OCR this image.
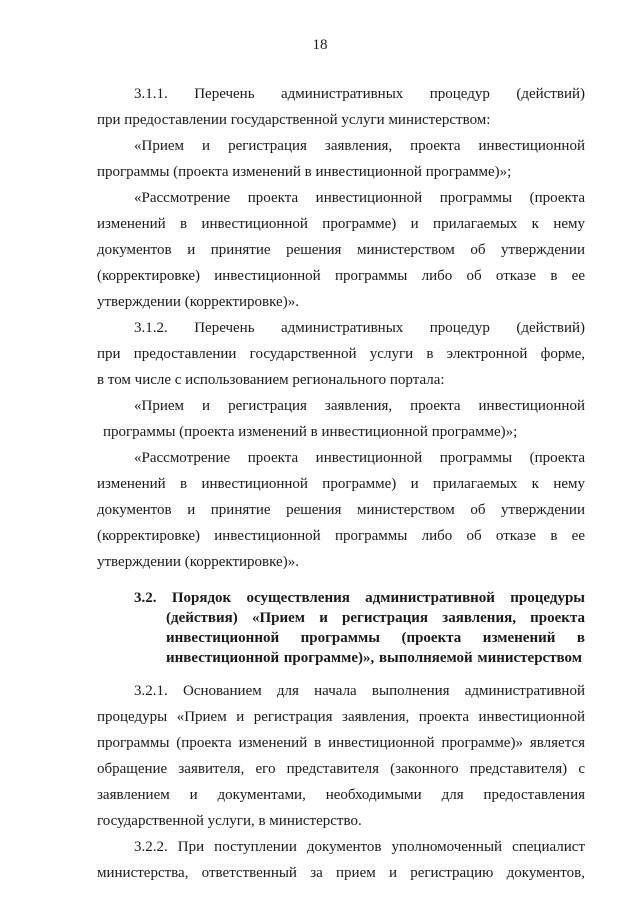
18
3.1.1. Перечень административных процедур (действий)
при предоставлении государственной услуги министерством:
«Прием и регистрация заявления, проекта инвестиционной
программы (проекта изменений в инвестиционной программе)»;
«Рассмотрение проекта инвестиционной программы (проекта
изменений в инвестиционной программе) и прилагаемых к нему
документов и принятие решения министерством об утверждении
(корректировке) инвестиционной программы либо об отказе в ее
утверждении (корректировке)».
3.1.2. Перечень административных процедур (действий)
при предоставлении государственной услуги в электронной форме,
в том числе с использованием регионального портала:
«Прием и регистрация заявления, проекта инвестиционной
программы (проекта изменений в инвестиционной программе)»;
«Рассмотрение проекта инвестиционной программы (проекта
изменений в инвестиционной программе) и прилагаемых к нему
документов и принятие решения министерством об утверждении
(корректировке) инвестиционной программы либо об отказе в ее
утверждении (корректировке)».
3.2. Порядок осуществления административной процедуры
(действия) «Прием и регистрация заявления, проекта
инвестиционной программы (проекта изменений в
инвестиционной программе)», выполняемой министерством
3.2.1. Основанием для начала выполнения административной
процедуры «Прием и регистрация заявления, проекта инвестиционной
программы (проекта изменений в инвестиционной программе)» является
обращение заявителя, его представителя (законного представителя) с
заявлением и документами, необходимыми для предоставления
государственной услуги, в министерство.
3.2.2. При поступлении документов уполномоченный специалист
министерства, ответственный за прием и регистрацию документов,
